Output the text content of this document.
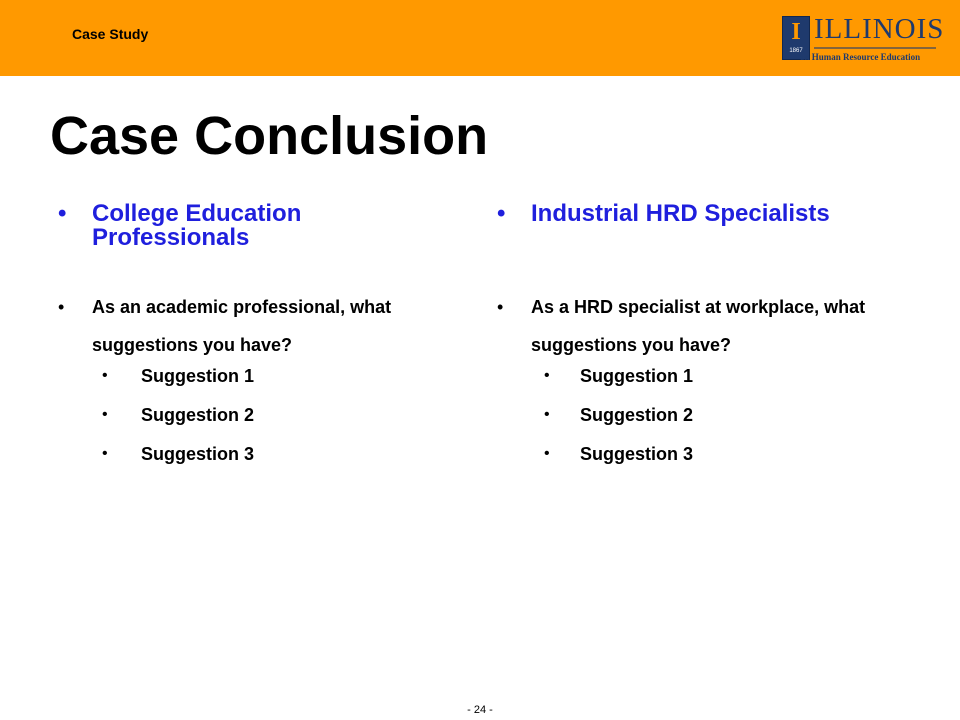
Case Study	I
1867
ILLINOIS
on Human Resource Education
Case Conclusion
• College Education Professionals
• As an academic professional, what suggestions you have?
• Suggestion 1
• Suggestion 2
• Suggestion 3
• Industrial HRD Specialists
• As a HRD specialist at workplace, what suggestions you have?
• Suggestion 1
• Suggestion 2
• Suggestion 3
- 24 -
